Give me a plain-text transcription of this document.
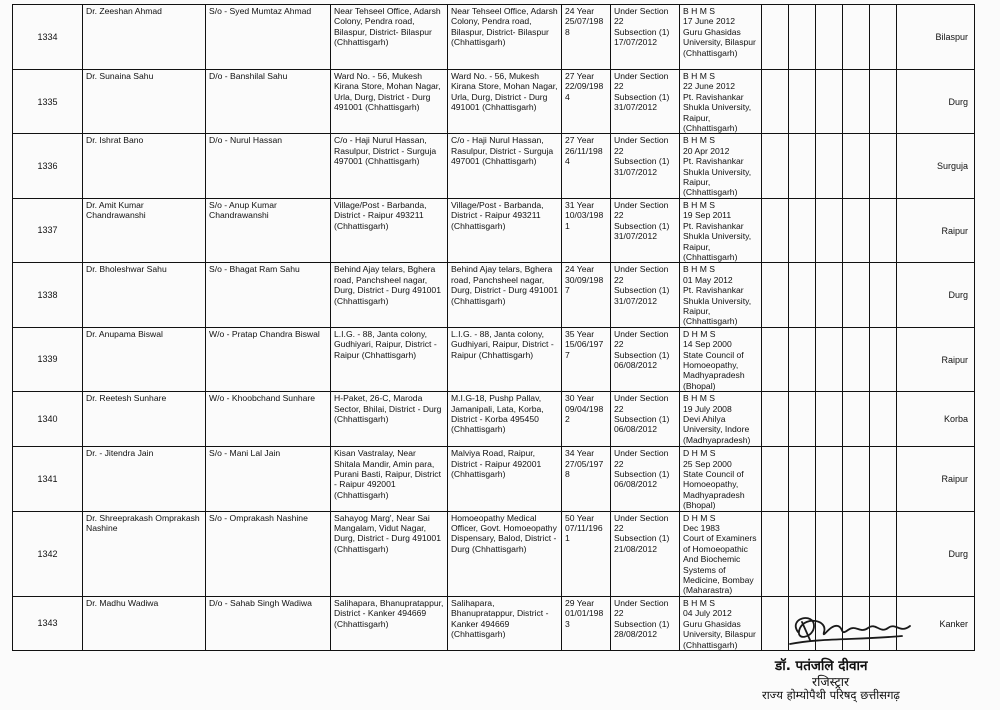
1334	Dr. Zeeshan Ahmad	S/o - Syed Mumtaz Ahmad	Near Tehseel Office, Adarsh Colony, Pendra road, Bilaspur, District- Bilaspur (Chhattisgarh)	Near Tehseel Office, Adarsh Colony, Pendra road, Bilaspur, District- Bilaspur (Chhattisgarh)	24 Year
25/07/1988	Under Section 22
Subsection (1)
17/07/2012	B H M S
17 June 2012
Guru Ghasidas University, Bilaspur (Chhattisgarh)						Bilaspur
1335	Dr. Sunaina Sahu	D/o - Banshilal Sahu	Ward No. - 56, Mukesh Kirana Store, Mohan Nagar, Urla, Durg, District - Durg 491001 (Chhattisgarh)	Ward No. - 56, Mukesh Kirana Store, Mohan Nagar, Urla, Durg, District - Durg 491001 (Chhattisgarh)	27 Year
22/09/1984	Under Section 22
Subsection (1)
31/07/2012	B H M S
22 June 2012
Pt. Ravishankar Shukla University, Raipur, (Chhattisgarh)						Durg
1336	Dr. Ishrat Bano	D/o - Nurul Hassan	C/o - Haji Nurul Hassan, Rasulpur, District - Surguja 497001 (Chhattisgarh)	C/o - Haji Nurul Hassan, Rasulpur, District - Surguja 497001 (Chhattisgarh)	27 Year
26/11/1984	Under Section 22
Subsection (1)
31/07/2012	B H M S
20 Apr 2012
Pt. Ravishankar Shukla University, Raipur, (Chhattisgarh)						Surguja
1337	Dr. Amit Kumar Chandrawanshi	S/o - Anup Kumar Chandrawanshi	Village/Post - Barbanda, District - Raipur 493211 (Chhattisgarh)	Village/Post - Barbanda, District - Raipur 493211 (Chhattisgarh)	31 Year
10/03/1981	Under Section 22
Subsection (1)
31/07/2012	B H M S
19 Sep 2011
Pt. Ravishankar Shukla University, Raipur, (Chhattisgarh)						Raipur
1338	Dr. Bholeshwar Sahu	S/o - Bhagat Ram Sahu	Behind Ajay telars, Bghera road, Panchsheel nagar, Durg, District - Durg 491001 (Chhattisgarh)	Behind Ajay telars, Bghera road, Panchsheel nagar, Durg, District - Durg 491001 (Chhattisgarh)	24 Year
30/09/1987	Under Section 22
Subsection (1)
31/07/2012	B H M S
01 May 2012
Pt. Ravishankar Shukla University, Raipur, (Chhattisgarh)						Durg
1339	Dr. Anupama Biswal	W/o - Pratap Chandra Biswal	L.I.G. - 88, Janta colony, Gudhiyari, Raipur, District - Raipur (Chhattisgarh)	L.I.G. - 88, Janta colony, Gudhiyari, Raipur, District - Raipur (Chhattisgarh)	35 Year
15/06/1977	Under Section 22
Subsection (1)
06/08/2012	D H M S
14 Sep 2000
State Council of Homoeopathy, Madhyapradesh (Bhopal)						Raipur
1340	Dr. Reetesh Sunhare	W/o - Khoobchand Sunhare	H-Paket, 26-C, Maroda Sector, Bhilai, District - Durg (Chhattisgarh)	M.I.G-18, Pushp Pallav, Jamanipali, Lata, Korba, District - Korba 495450 (Chhattisgarh)	30 Year
09/04/1982	Under Section 22
Subsection (1)
06/08/2012	B H M S
19 July 2008
Devi Ahilya University, Indore (Madhyapradesh)						Korba
1341	Dr. - Jitendra Jain	S/o - Mani Lal Jain	Kisan Vastralay, Near Shitala Mandir, Amin para, Purani Basti, Raipur, District - Raipur 492001 (Chhattisgarh)	Malviya Road, Raipur, District - Raipur 492001 (Chhattisgarh)	34 Year
27/05/1978	Under Section 22
Subsection (1)
06/08/2012	D H M S
25 Sep 2000
State Council of Homoeopathy, Madhyapradesh (Bhopal)						Raipur
1342	Dr. Shreeprakash Omprakash Nashine	S/o - Omprakash Nashine	Sahayog Marg', Near Sai Mangalam, Vidut Nagar, Durg, District - Durg 491001 (Chhattisgarh)	Homoeopathy Medical Officer, Govt. Homoeopathy Dispensary, Balod, District - Durg (Chhattisgarh)	50 Year
07/11/1961	Under Section 22
Subsection (1)
21/08/2012	D H M S
Dec 1983
Court of Examiners of Homoeopathic And Biochemic Systems of Medicine, Bombay (Maharastra)						Durg
1343	Dr. Madhu Wadiwa	D/o - Sahab Singh Wadiwa	Salihapara, Bhanupratappur, District - Kanker 494669 (Chhattisgarh)	Salihapara, Bhanupratappur, District - Kanker 494669 (Chhattisgarh)	29 Year
01/01/1983	Under Section 22
Subsection (1)
28/08/2012	B H M S
04 July 2012
Guru Ghasidas University, Bilaspur (Chhattisgarh)						Kanker
डॉ. पतंजलि दीवान
रजिस्ट्रार
राज्य होम्योपैथी परिषद् छत्तीसगढ़
